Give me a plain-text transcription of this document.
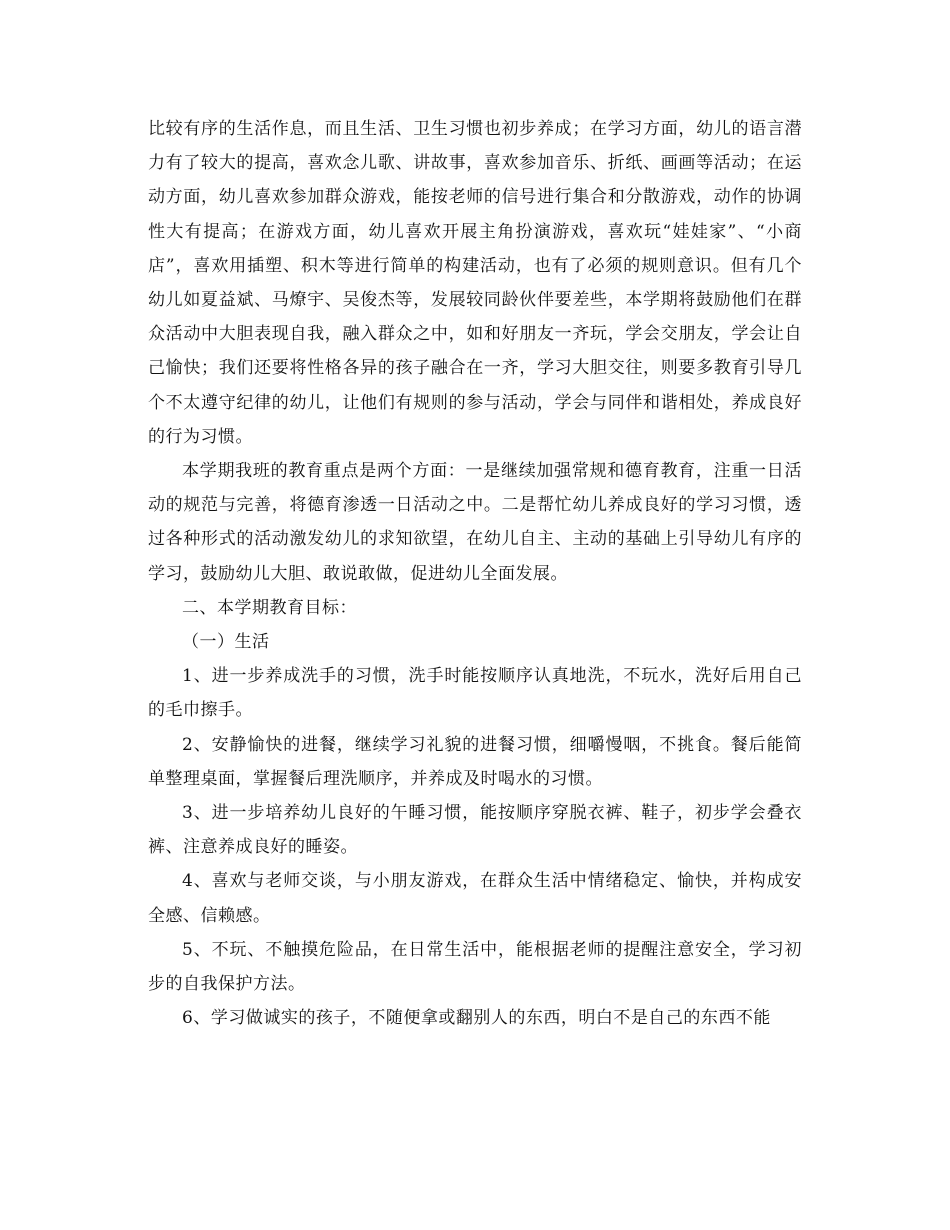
比较有序的生活作息，而且生活、卫生习惯也初步养成；在学习方面，幼儿的语言潜力有了较大的提高，喜欢念儿歌、讲故事，喜欢参加音乐、折纸、画画等活动；在运动方面，幼儿喜欢参加群众游戏，能按老师的信号进行集合和分散游戏，动作的协调性大有提高；在游戏方面，幼儿喜欢开展主角扮演游戏，喜欢玩“娃娃家”、“小商店”，喜欢用插塑、积木等进行简单的构建活动，也有了必须的规则意识。但有几个幼儿如夏益斌、马燎宇、吴俊杰等，发展较同龄伙伴要差些，本学期将鼓励他们在群众活动中大胆表现自我，融入群众之中，如和好朋友一齐玩，学会交朋友，学会让自己愉快；我们还要将性格各异的孩子融合在一齐，学习大胆交往，则要多教育引导几个不太遵守纪律的幼儿，让他们有规则的参与活动，学会与同伴和谐相处，养成良好的行为习惯。

本学期我班的教育重点是两个方面：一是继续加强常规和德育教育，注重一日活动的规范与完善，将德育渗透一日活动之中。二是帮忙幼儿养成良好的学习习惯，透过各种形式的活动激发幼儿的求知欲望，在幼儿自主、主动的基础上引导幼儿有序的学习，鼓励幼儿大胆、敢说敢做，促进幼儿全面发展。

二、本学期教育目标：

（一）生活

1、进一步养成洗手的习惯，洗手时能按顺序认真地洗，不玩水，洗好后用自己的毛巾擦手。

2、安静愉快的进餐，继续学习礼貌的进餐习惯，细嚼慢咽，不挑食。餐后能简单整理桌面，掌握餐后理洗顺序，并养成及时喝水的习惯。

3、进一步培养幼儿良好的午睡习惯，能按顺序穿脱衣裤、鞋子，初步学会叠衣裤、注意养成良好的睡姿。

4、喜欢与老师交谈，与小朋友游戏，在群众生活中情绪稳定、愉快，并构成安全感、信赖感。

5、不玩、不触摸危险品，在日常生活中，能根据老师的提醒注意安全，学习初步的自我保护方法。

6、学习做诚实的孩子，不随便拿或翻别人的东西，明白不是自己的东西不能
